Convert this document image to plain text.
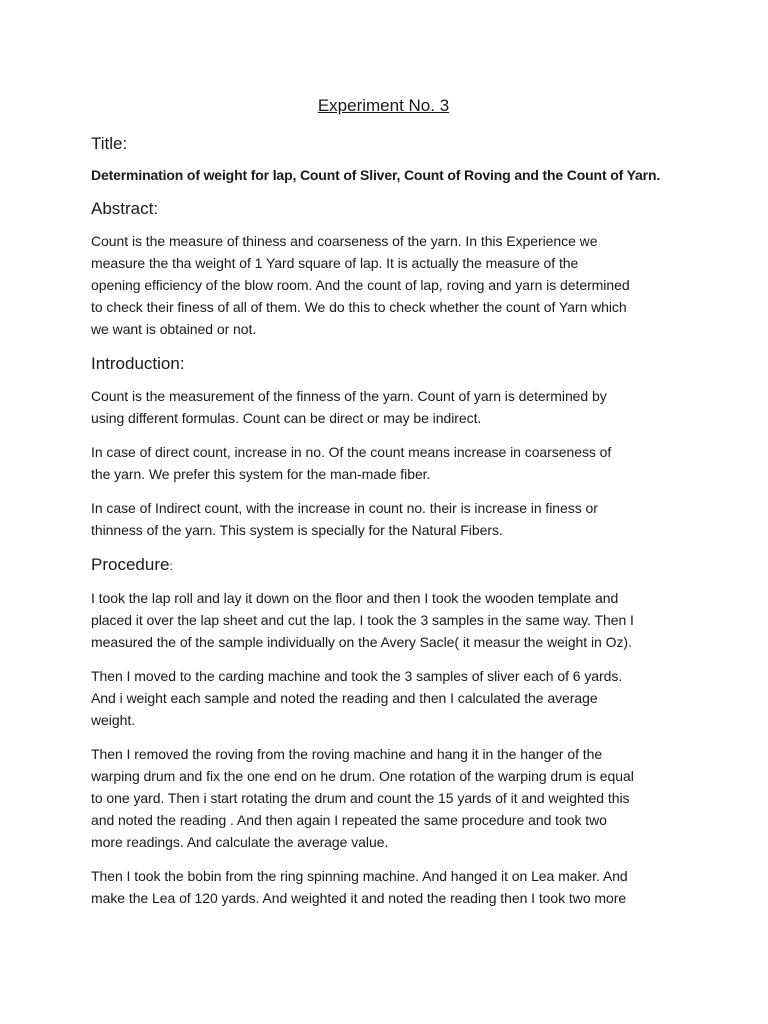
Experiment No. 3
Title:

Determination of weight for lap, Count of Sliver, Count of Roving and the Count of Yarn.

Abstract:

Count is the measure of thiness and coarseness of the yarn. In this Experience we
measure the tha weight of 1 Yard square of lap. It is actually the measure of the
opening efficiency of the blow room. And the count of lap, roving and yarn is determined
to check their finess of all of them. We do this to check whether the count of Yarn which
we want is obtained or not.

Introduction:

Count is the measurement of the finness of the yarn. Count of yarn is determined by
using different formulas. Count can be direct or may be indirect.

In case of direct count, increase in no. Of the count means increase in coarseness of
the yarn. We prefer this system for the man-made fiber.

In case of Indirect count, with the increase in count no. their is increase in finess or
thinness of the yarn. This system is specially for the Natural Fibers.

Procedure:

I took the lap roll and lay it down on the floor and then I took the wooden template and
placed it over the lap sheet and cut the lap. I took the 3 samples in the same way. Then I
measured the of the sample individually on the Avery Sacle( it measur the weight in Oz).

Then I moved to the carding machine and took the 3 samples of sliver each of 6 yards.
And i weight each sample and noted the reading and then I calculated the average
weight.

Then I removed the roving from the roving machine and hang it in the hanger of the
warping drum and fix the one end on he drum. One rotation of the warping drum is equal
to one yard. Then i start rotating the drum and count the 15 yards of it and weighted this
and noted the reading . And then again I repeated the same procedure and took two
more readings. And calculate the average value.

Then I took the bobin from the ring spinning machine. And hanged it on Lea maker. And
make the Lea of 120 yards. And weighted it and noted the reading then I took two more
